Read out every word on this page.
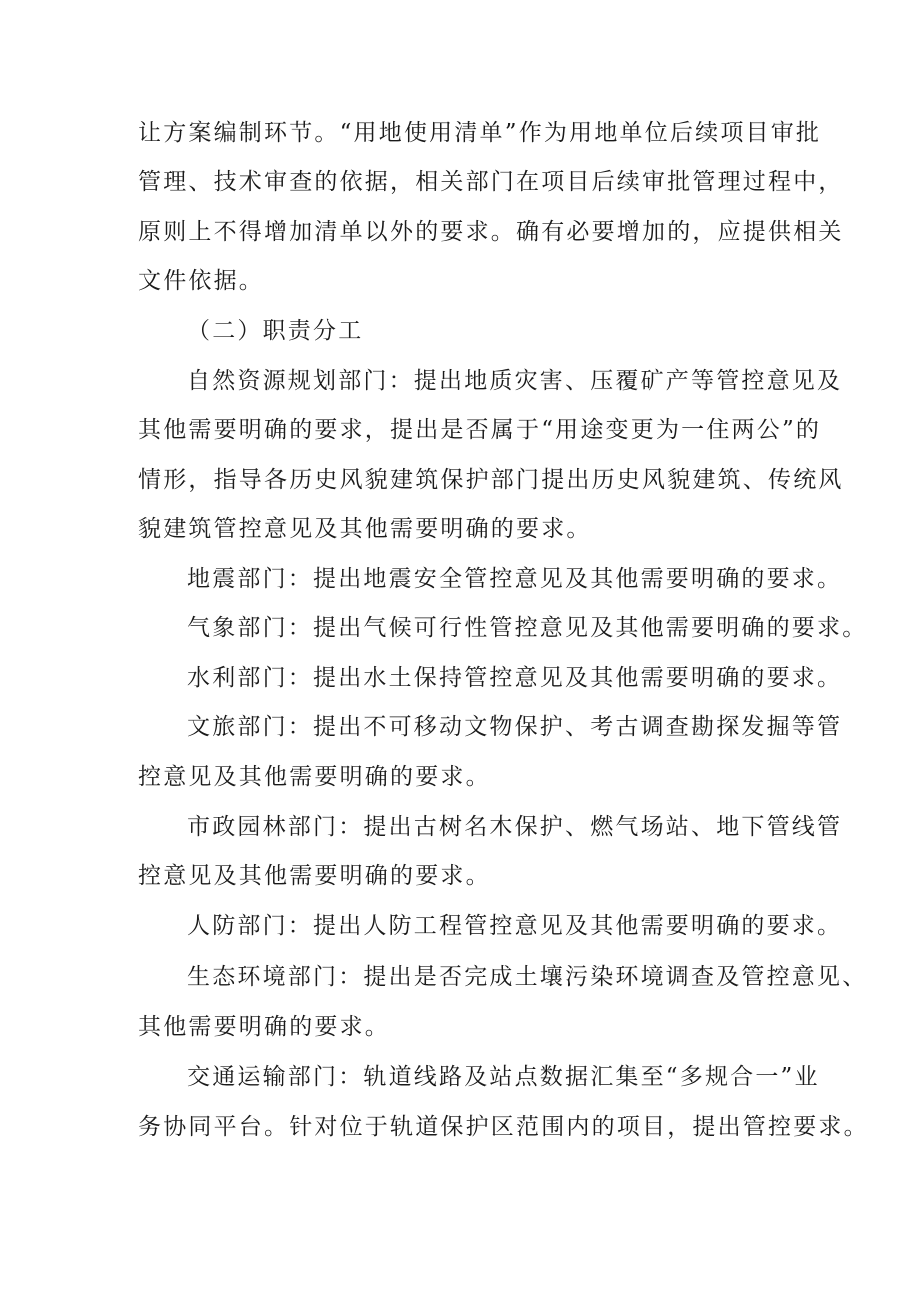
让方案编制环节。“用地使用清单”作为用地单位后续项目审批
管理、技术审查的依据，相关部门在项目后续审批管理过程中，
原则上不得增加清单以外的要求。确有必要增加的，应提供相关
文件依据。
（二）职责分工
自然资源规划部门：提出地质灾害、压覆矿产等管控意见及
其他需要明确的要求，提出是否属于“用途变更为一住两公”的
情形，指导各历史风貌建筑保护部门提出历史风貌建筑、传统风
貌建筑管控意见及其他需要明确的要求。
地震部门：提出地震安全管控意见及其他需要明确的要求。
气象部门：提出气候可行性管控意见及其他需要明确的要求。
水利部门：提出水土保持管控意见及其他需要明确的要求。
文旅部门：提出不可移动文物保护、考古调查勘探发掘等管
控意见及其他需要明确的要求。
市政园林部门：提出古树名木保护、燃气场站、地下管线管
控意见及其他需要明确的要求。
人防部门：提出人防工程管控意见及其他需要明确的要求。
生态环境部门：提出是否完成土壤污染环境调查及管控意见、
其他需要明确的要求。
交通运输部门：轨道线路及站点数据汇集至“多规合一”业
务协同平台。针对位于轨道保护区范围内的项目，提出管控要求。
